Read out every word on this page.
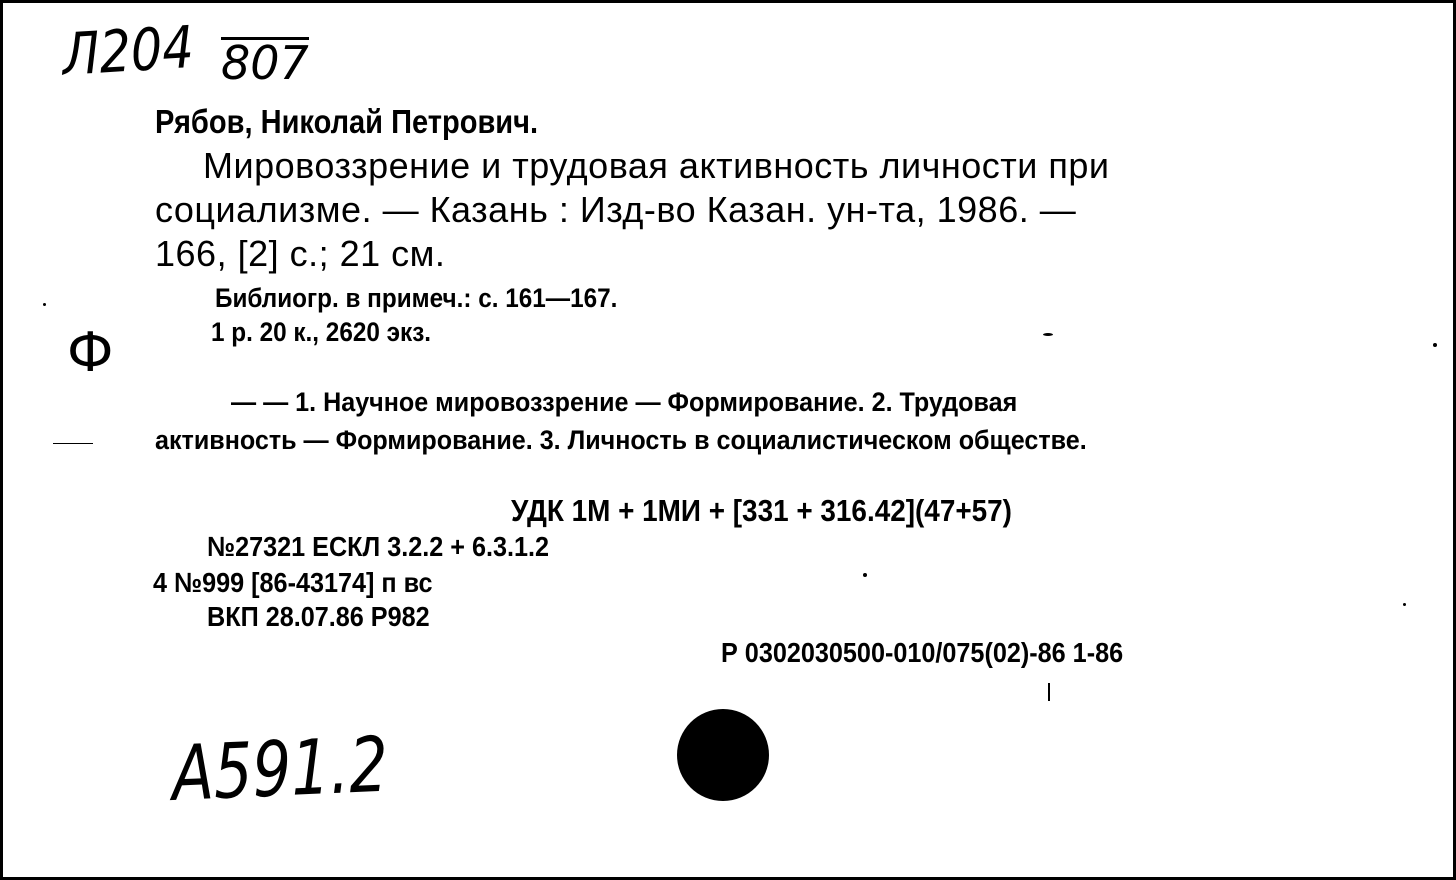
Л204 807
Рябов, Николай Петрович.
Мировоззрение и трудовая активность личности при
социализме. — Казань : Изд-во Казан. ун-та, 1986. —
166, [2] с.; 21 см.
Библиогр. в примеч.: с. 161—167.
1 р. 20 к., 2620 экз.
Ф
— — 1. Научное мировоззрение — Формирование. 2. Трудовая
активность — Формирование. 3. Личность в социалистическом обществе.
УДК 1М + 1МИ + [331 + 316.42](47+57)
№27321 ЕСКЛ 3.2.2 + 6.3.1.2
4 №999 [86-43174] п вс
ВКП 28.07.86 Р982
Р 0302030500-010/075(02)-86 1-86
А591.2
